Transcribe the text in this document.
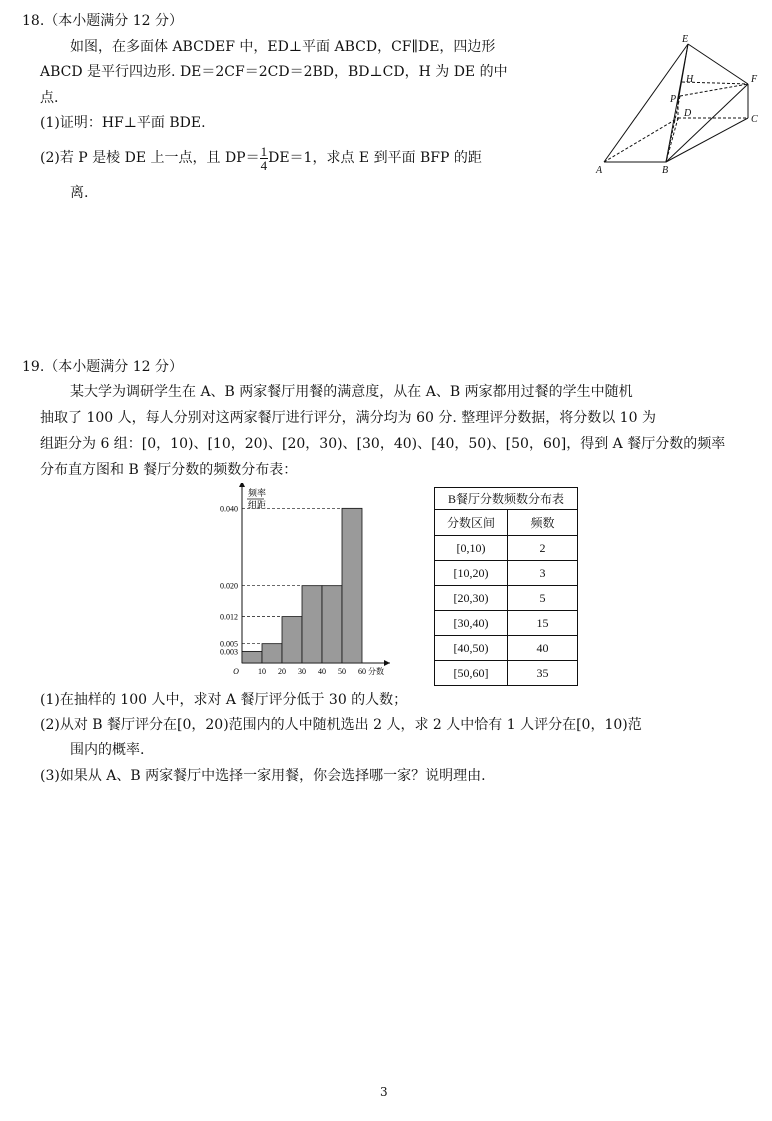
18.（本小题满分 12 分）
如图，在多面体 ABCDEF 中，ED⊥平面 ABCD，CF∥DE，四边形
ABCD 是平行四边形. DE＝2CF＝2CD＝2BD，BD⊥CD，H 为 DE 的中
点.
(1)证明：HF⊥平面 BDE.
(2)若 P 是棱 DE 上一点，且 $DP= \frac{1}{4} DE=1$，求点 E 到平面 BFP 的距
离.
E
F
H
P
D
C
A	B
19.（本小题满分 12 分）
某大学为调研学生在 A、B 两家餐厅用餐的满意度，从在 A、B 两家都用过餐的学生中随机
抽取了 100 人，每人分别对这两家餐厅进行评分，满分均为 60 分. 整理评分数据，将分数以 10 为
组距分为 6 组：[0，10)、[10，20)、[20，30)、[30，40)、[40，50)、[50，60]，得到 A 餐厅分数的频率
分布直方图和 B 餐厅分数的频数分布表：
频率
组距
0.040
0.020
0.012
0.005
0.003
10 20 30 40 50 60
O	分数
B餐厅分数频数分布表	
分数区间	频数
[0,10)	2
[10,20)	3
[20,30)	5
[30,40)	15
[40,50)	40
[50,60]	35
(1)在抽样的 100 人中，求对 A 餐厅评分低于 30 的人数；
(2)从对 B 餐厅评分在[0，20)范围内的人中随机选出 2 人，求 2 人中恰有 1 人评分在[0，10)范
围内的概率.
(3)如果从 A、B 两家餐厅中选择一家用餐，你会选择哪一家？说明理由.
3
